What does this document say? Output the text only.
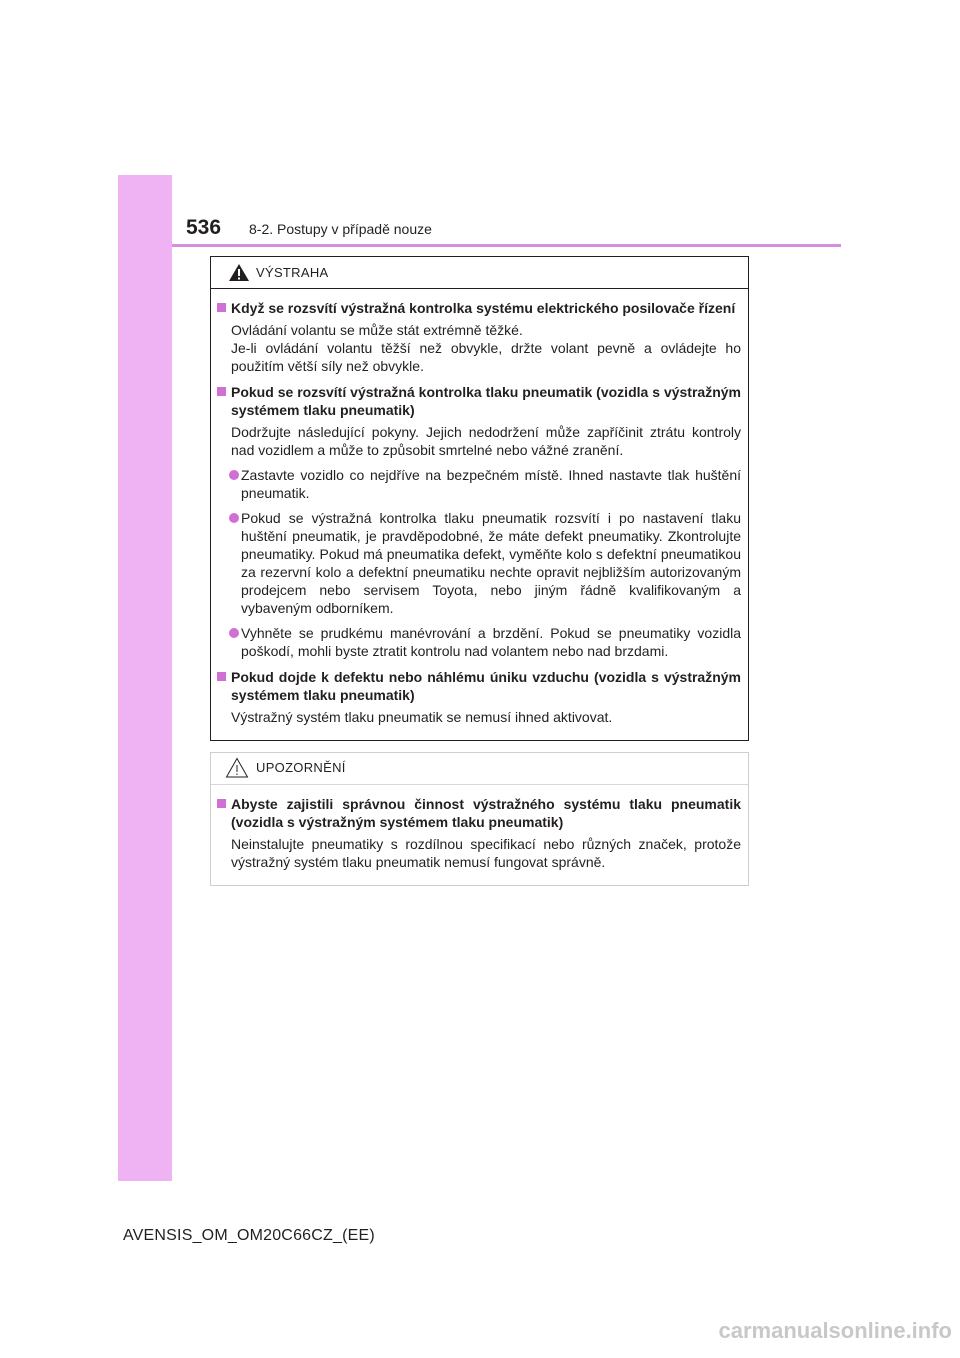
536 8-2. Postupy v případě nouze
VÝSTRAHA
Když se rozsvítí výstražná kontrolka systému elektrického posilovače řízení
Ovládání volantu se může stát extrémně těžké.
Je-li ovládání volantu těžší než obvykle, držte volant pevně a ovládejte ho použitím větší síly než obvykle.
Pokud se rozsvítí výstražná kontrolka tlaku pneumatik (vozidla s výstražným systémem tlaku pneumatik)
Dodržujte následující pokyny. Jejich nedodržení může zapříčinit ztrátu kontroly nad vozidlem a může to způsobit smrtelné nebo vážné zranění.
Zastavte vozidlo co nejdříve na bezpečném místě. Ihned nastavte tlak huštění pneumatik.
Pokud se výstražná kontrolka tlaku pneumatik rozsvítí i po nastavení tlaku huštění pneumatik, je pravděpodobné, že máte defekt pneumatiky. Zkontrolujte pneumatiky. Pokud má pneumatika defekt, vyměňte kolo s defektní pneumatikou za rezervní kolo a defektní pneumatiku nechte opravit nejbližším autorizovaným prodejcem nebo servisem Toyota, nebo jiným řádně kvalifikovaným a vybaveným odborníkem.
Vyhněte se prudkému manévrování a brzdění. Pokud se pneumatiky vozidla poškodí, mohli byste ztratit kontrolu nad volantem nebo nad brzdami.
Pokud dojde k defektu nebo náhlému úniku vzduchu (vozidla s výstražným systémem tlaku pneumatik)
Výstražný systém tlaku pneumatik se nemusí ihned aktivovat.
UPOZORNĚNÍ
Abyste zajistili správnou činnost výstražného systému tlaku pneumatik (vozidla s výstražným systémem tlaku pneumatik)
Neinstalujte pneumatiky s rozdílnou specifikací nebo různých značek, protože výstražný systém tlaku pneumatik nemusí fungovat správně.
AVENSIS_OM_OM20C66CZ_(EE)
carmanualsonline.info
